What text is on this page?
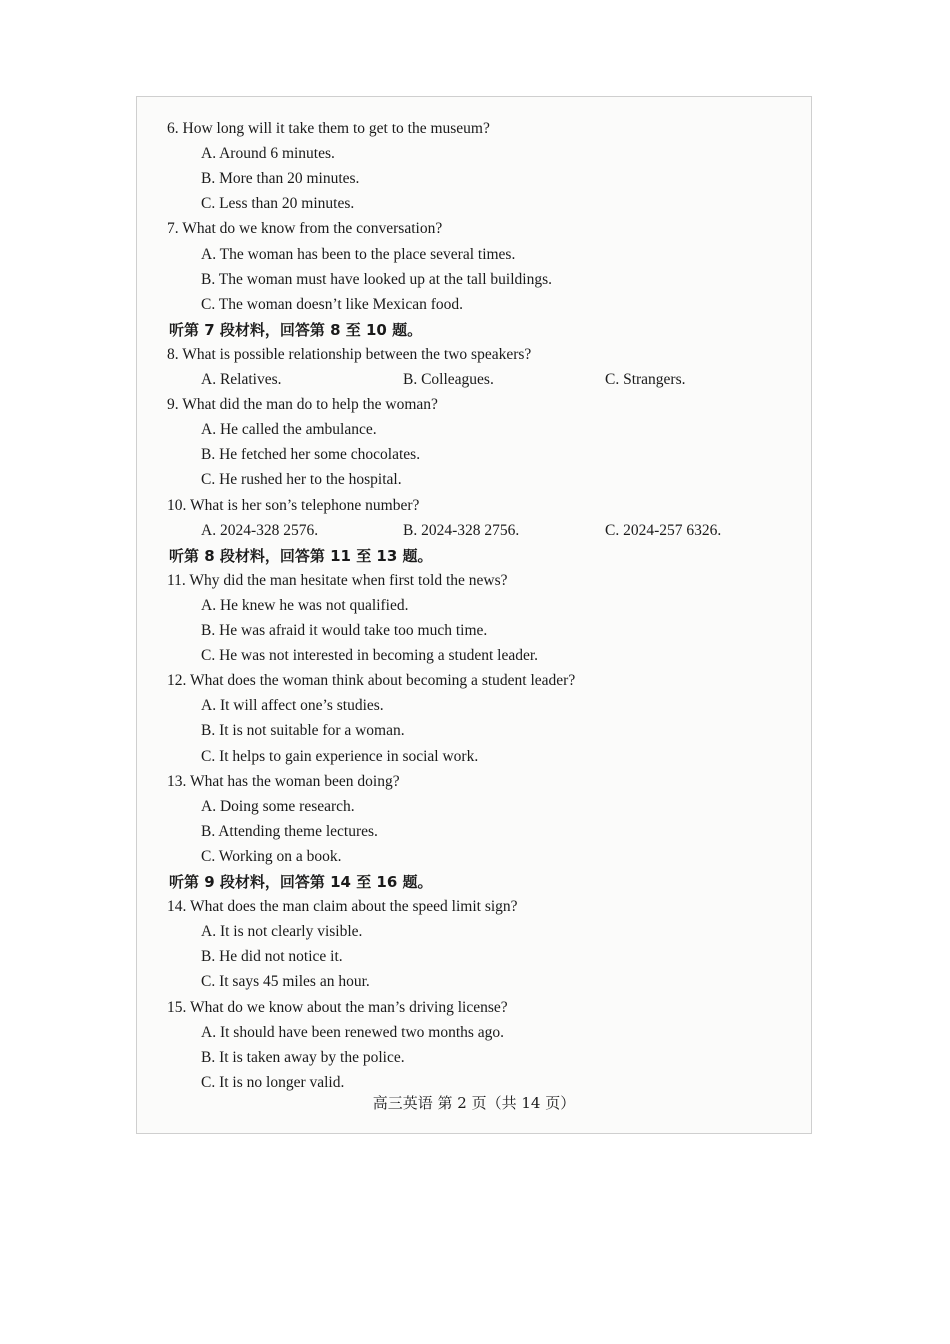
6. How long will it take them to get to the museum?
A. Around 6 minutes.
B. More than 20 minutes.
C. Less than 20 minutes.
7. What do we know from the conversation?
A. The woman has been to the place several times.
B. The woman must have looked up at the tall buildings.
C. The woman doesn’t like Mexican food.
听第 7 段材料，回答第 8 至 10 题。
8. What is possible relationship between the two speakers?
A. Relatives.	B. Colleagues.	C. Strangers.
9. What did the man do to help the woman?
A. He called the ambulance.
B. He fetched her some chocolates.
C. He rushed her to the hospital.
10. What is her son’s telephone number?
A. 2024-328 2576.	B. 2024-328 2756.	C. 2024-257 6326.
听第 8 段材料，回答第 11 至 13 题。
11. Why did the man hesitate when first told the news?
A. He knew he was not qualified.
B. He was afraid it would take too much time.
C. He was not interested in becoming a student leader.
12. What does the woman think about becoming a student leader?
A. It will affect one’s studies.
B. It is not suitable for a woman.
C. It helps to gain experience in social work.
13. What has the woman been doing?
A. Doing some research.
B. Attending theme lectures.
C. Working on a book.
听第 9 段材料，回答第 14 至 16 题。
14. What does the man claim about the speed limit sign?
A. It is not clearly visible.
B. He did not notice it.
C. It says 45 miles an hour.
15. What do we know about the man’s driving license?
A. It should have been renewed two months ago.
B. It is taken away by the police.
C. It is no longer valid.
高三英语 第 2 页（共 14 页）
